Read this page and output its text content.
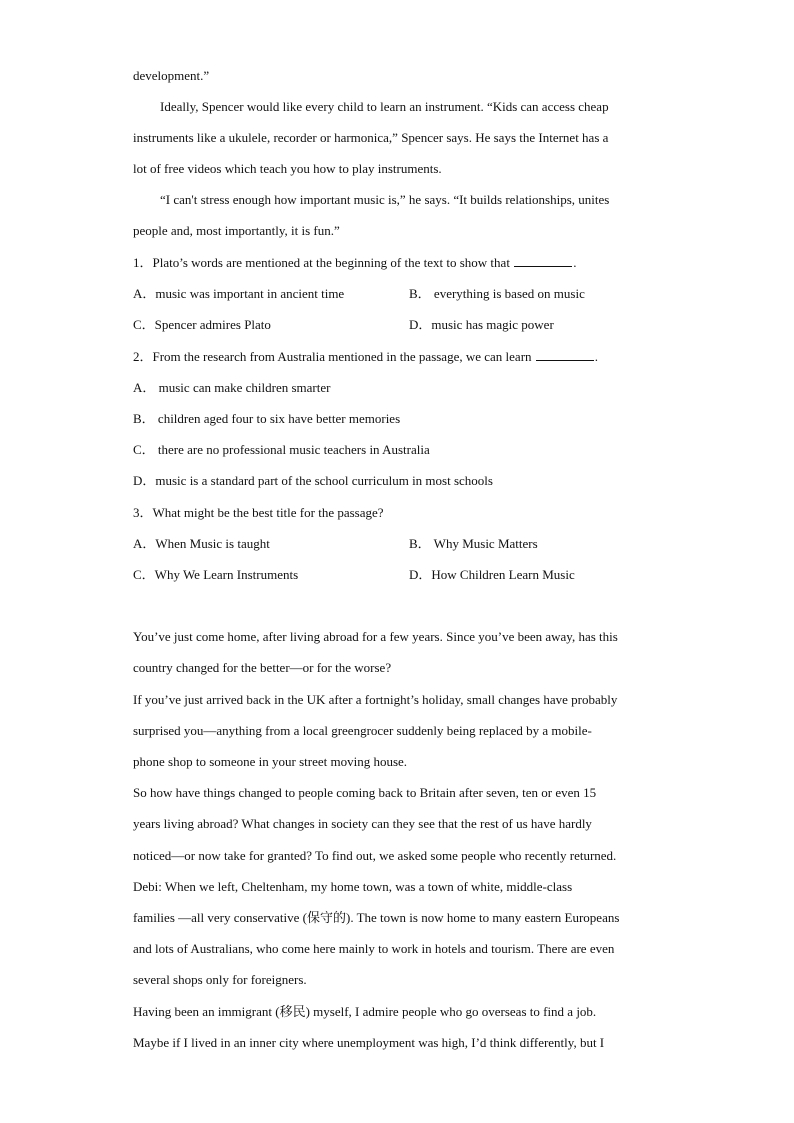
development.”
Ideally, Spencer would like every child to learn an instrument. “Kids can access cheap
instruments like a ukulele, recorder or harmonica,” Spencer says. He says the Internet has a
lot of free videos which teach you how to play instruments.
“I can't stress enough how important music is,” he says. “It builds relationships, unites
people and, most importantly, it is fun.”
1．Plato’s words are mentioned at the beginning of the text to show that	.
A．music was important in ancient time	B． everything is based on music
C．Spencer admires Plato	D．music has magic power
2．From the research from Australia mentioned in the passage, we can learn	.
A． music can make children smarter
B． children aged four to six have better memories
C． there are no professional music teachers in Australia
D．music is a standard part of the school curriculum in most schools
3．What might be the best title for the passage?
A．When Music is taught	B． Why Music Matters
C．Why We Learn Instruments	D．How Children Learn Music
You’ve just come home, after living abroad for a few years. Since you’ve been away, has this
country changed for the better—or for the worse?
If you’ve just arrived back in the UK after a fortnight’s holiday, small changes have probably
surprised you—anything from a local greengrocer suddenly being replaced by a mobile-
phone shop to someone in your street moving house.
So how have things changed to people coming back to Britain after seven, ten or even 15
years living abroad? What changes in society can they see that the rest of us have hardly
noticed—or now take for granted? To find out, we asked some people who recently returned.
Debi: When we left, Cheltenham, my home town, was a town of white, middle-class
families —all very conservative (保守的). The town is now home to many eastern Europeans
and lots of Australians, who come here mainly to work in hotels and tourism. There are even
several shops only for foreigners.
Having been an immigrant (移民) myself, I admire people who go overseas to find a job.
Maybe if I lived in an inner city where unemployment was high, I’d think differently, but I
